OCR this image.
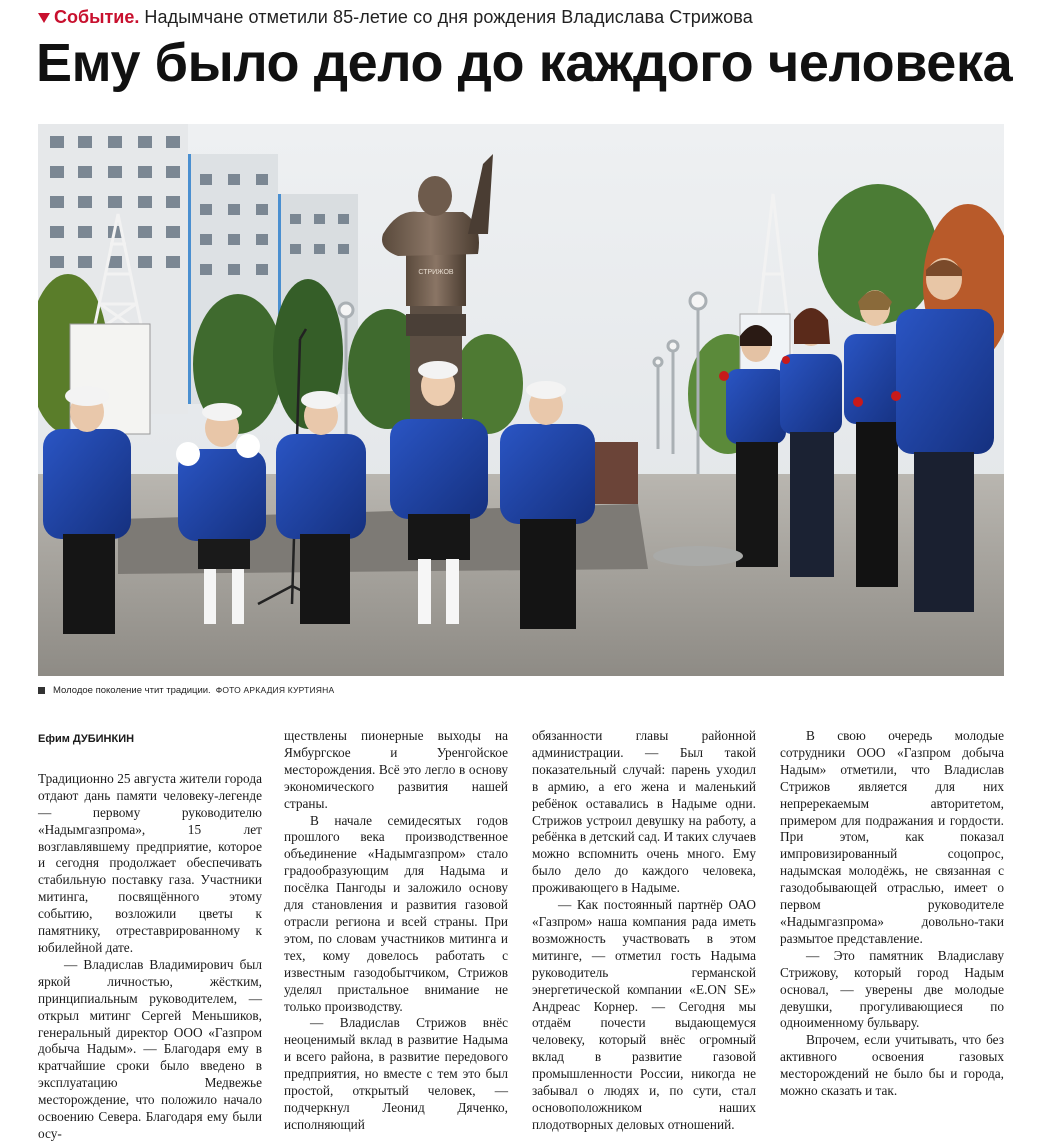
Событие. Надымчане отметили 85-летие со дня рождения Владислава Стрижова
Ему было дело до каждого человека
СТРИЖОВ
Молодое поколение чтит традиции. ФОТО АРКАДИЯ КУРТИЯНА

Ефим ДУБИНКИН

Традиционно 25 августа жители города отдают дань памяти человеку-легенде — первому руководителю «Надымгазпрома», 15 лет возглавлявшему предприятие, которое и сегодня продолжает обеспечивать стабильную поставку газа. Участники митинга, посвящённого этому событию, возложили цветы к памятнику, отреставрированному к юбилейной дате.

— Владислав Владимирович был яркой личностью, жёстким, принципиальным руководителем, — открыл митинг Сергей Меньшиков, генеральный директор ООО «Газпром добыча Надым». — Благодаря ему в кратчайшие сроки было введено в эксплуатацию Медвежье месторождение, что положило начало освоению Севера. Благодаря ему были осу-

ществлены пионерные выходы на Ямбургское и Уренгойское месторождения. Всё это легло в основу экономического развития нашей страны.

В начале семидесятых годов прошлого века производственное объединение «Надымгазпром» стало градообразующим для Надыма и посёлка Пангоды и заложило основу для становления и развития газовой отрасли региона и всей страны. При этом, по словам участников митинга и тех, кому довелось работать с известным газодобытчиком, Стрижов уделял пристальное внимание не только производству.

— Владислав Стрижов внёс неоценимый вклад в развитие Надыма и всего района, в развитие передового предприятия, но вместе с тем это был простой, открытый человек, — подчеркнул Леонид Дяченко, исполняющий

обязанности главы районной администрации. — Был такой показательный случай: парень уходил в армию, а его жена и маленький ребёнок оставались в Надыме одни. Стрижов устроил девушку на работу, а ребёнка в детский сад. И таких случаев можно вспомнить очень много. Ему было дело до каждого человека, проживающего в Надыме.

— Как постоянный партнёр ОАО «Газпром» наша компания рада иметь возможность участвовать в этом митинге, — отметил гость Надыма руководитель германской энергетической компании «E.ON SE» Андреас Корнер. — Сегодня мы отдаём почести выдающемуся человеку, который внёс огромный вклад в развитие газовой промышленности России, никогда не забывал о людях и, по сути, стал основоположником наших плодотворных деловых отношений.

В свою очередь молодые сотрудники ООО «Газпром добыча Надым» отметили, что Владислав Стрижов является для них непререкаемым авторитетом, примером для подражания и гордости. При этом, как показал импровизированный соцопрос, надымская молодёжь, не связанная с газодобывающей отраслью, имеет о первом руководителе «Надымгазпрома» довольно-таки размытое представление.

— Это памятник Владиславу Стрижову, который город Надым основал, — уверены две молодые девушки, прогуливающиеся по одноименному бульвару.

Впрочем, если учитывать, что без активного освоения газовых месторождений не было бы и города, можно сказать и так.
